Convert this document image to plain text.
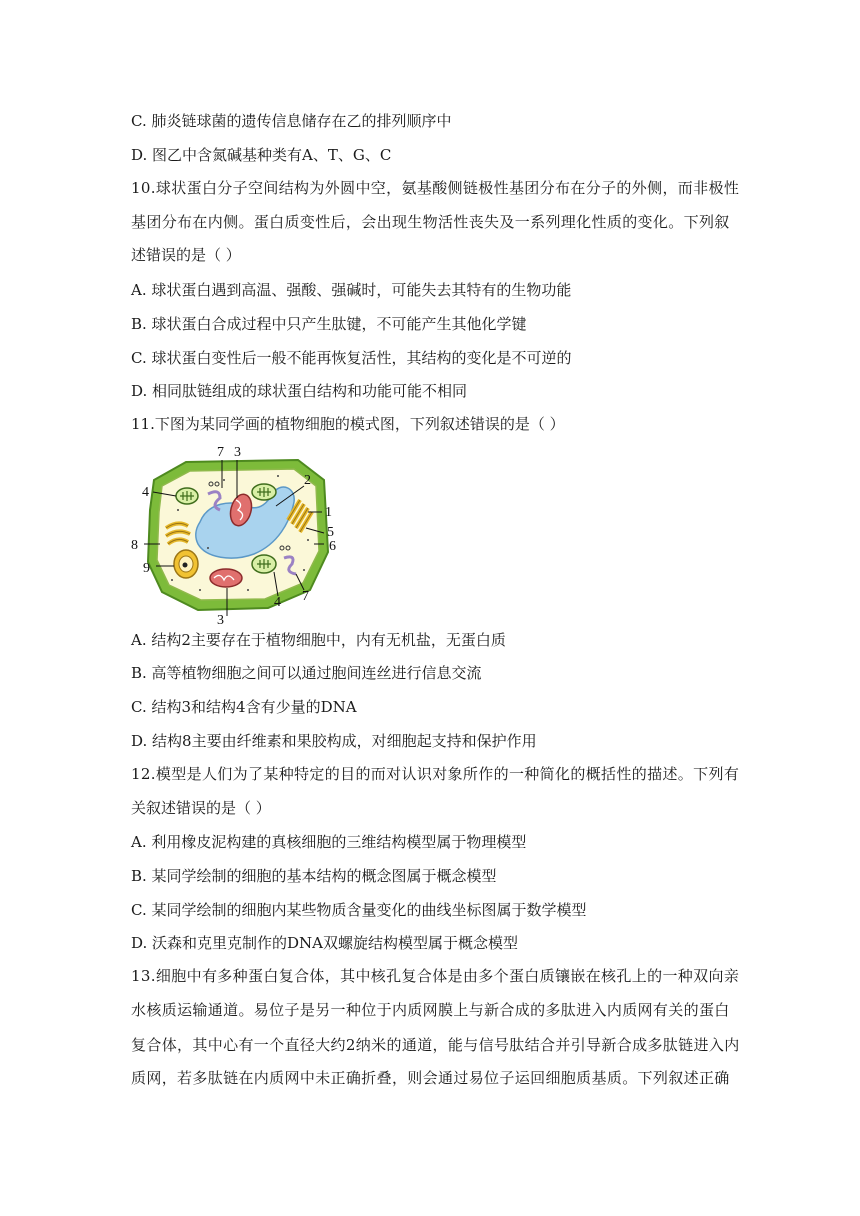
C. 肺炎链球菌的遗传信息储存在乙的排列顺序中
D. 图乙中含氮碱基种类有A、T、G、C
10.球状蛋白分子空间结构为外圆中空，氨基酸侧链极性基团分布在分子的外侧，而非极性
基团分布在内侧。蛋白质变性后，会出现生物活性丧失及一系列理化性质的变化。下列叙
述错误的是（ ）
A. 球状蛋白遇到高温、强酸、强碱时，可能失去其特有的生物功能
B. 球状蛋白合成过程中只产生肽键，不可能产生其他化学键
C. 球状蛋白变性后一般不能再恢复活性，其结构的变化是不可逆的
D. 相同肽链组成的球状蛋白结构和功能可能不相同
11.下图为某同学画的植物细胞的模式图，下列叙述错误的是（ ）
7 3
2
4
1
5
6
8
9
3
4 7
A. 结构2主要存在于植物细胞中，内有无机盐，无蛋白质
B. 高等植物细胞之间可以通过胞间连丝进行信息交流
C. 结构3和结构4含有少量的DNA
D. 结构8主要由纤维素和果胶构成，对细胞起支持和保护作用
12.模型是人们为了某种特定的目的而对认识对象所作的一种简化的概括性的描述。下列有
关叙述错误的是（ ）
A. 利用橡皮泥构建的真核细胞的三维结构模型属于物理模型
B. 某同学绘制的细胞的基本结构的概念图属于概念模型
C. 某同学绘制的细胞内某些物质含量变化的曲线坐标图属于数学模型
D. 沃森和克里克制作的DNA双螺旋结构模型属于概念模型
13.细胞中有多种蛋白复合体，其中核孔复合体是由多个蛋白质镶嵌在核孔上的一种双向亲
水核质运输通道。易位子是另一种位于内质网膜上与新合成的多肽进入内质网有关的蛋白
复合体，其中心有一个直径大约2纳米的通道，能与信号肽结合并引导新合成多肽链进入内
质网，若多肽链在内质网中未正确折叠，则会通过易位子运回细胞质基质。下列叙述正确
